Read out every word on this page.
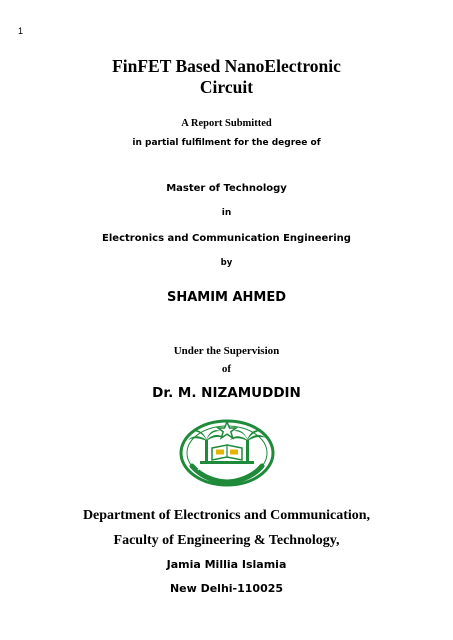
1
FinFET Based NanoElectronic
Circuit
A Report Submitted
in partial fulfilment for the degree of
Master of Technology
in
Electronics and Communication Engineering
by
SHAMIM AHMED
Under the Supervision
of
Dr. M. NIZAMUDDIN
Department of Electronics and Communication,
Faculty of Engineering & Technology,
Jamia Millia Islamia
New Delhi-110025
